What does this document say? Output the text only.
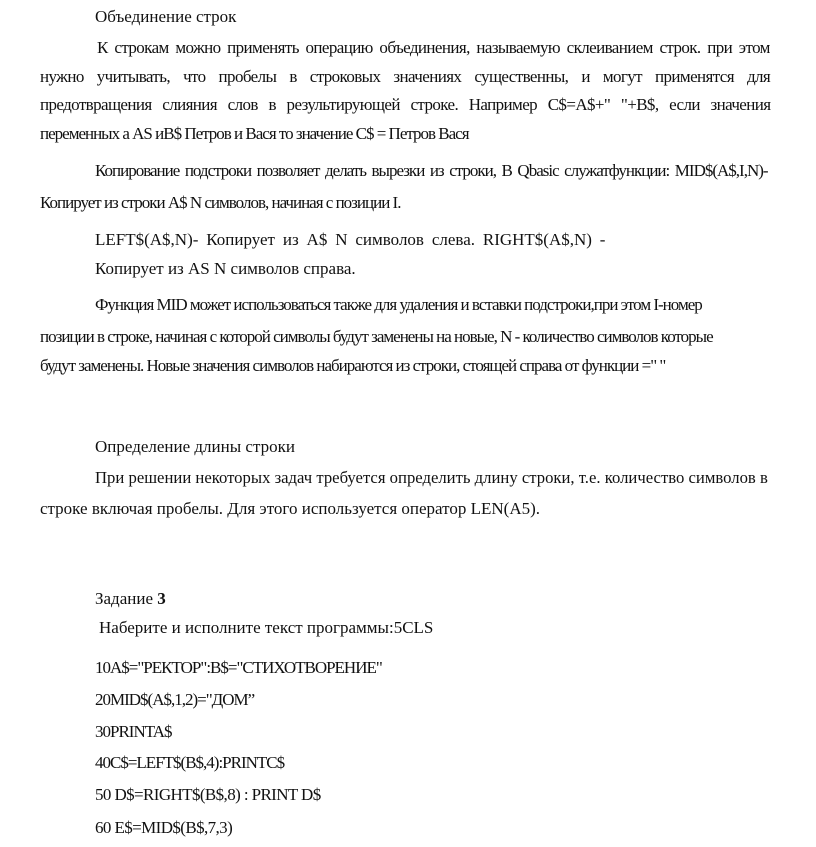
Объединение строк
К строкам можно применять операцию объединения, называемую склеиванием строк. при этом
нужно учитывать, что пробелы в строковых значениях существенны, и могут применятся для
предотвращения слияния слов в результирующей строке. Например C$=A$+" "+B$, если значения
переменных а AS иB$ Петров и Вася то значение C$ = Петров Вася
Копирование подстроки позволяет делать вырезки из строки, В Qbasic служатфункции: MID$(A$,I,N)-
Копирует из строки A$ N символов, начиная с позиции I.
LEFT$(A$,N)- Копирует из A$ N символов слева. RIGHT$(A$,N) -
Копирует из AS N символов справа.
Функция MID может использоваться также для удаления и вставки подстроки,при этом I-номер
позиции в строке, начиная с которой символы будут заменены на новые, N - количество символов которые
будут заменены. Новые значения символов набираются из строки, стоящей справа от функции =" "
Определение длины строки
При решении некоторых задач требуется определить длину строки, т.е. количество символов в
строке включая пробелы. Для этого используется оператор LEN(A5).
Задание 3
Наберите и исполните текст программы:5CLS
10A$="РЕКТОР":B$="СТИХОТВОРЕНИЕ"
20MID$(A$,1,2)="ДОМ”
30PRINTA$
40C$=LEFT$(B$,4):PRINTC$
50 D$=RIGHT$(B$,8) : PRINT D$
60 E$=MID$(B$,7,3)
